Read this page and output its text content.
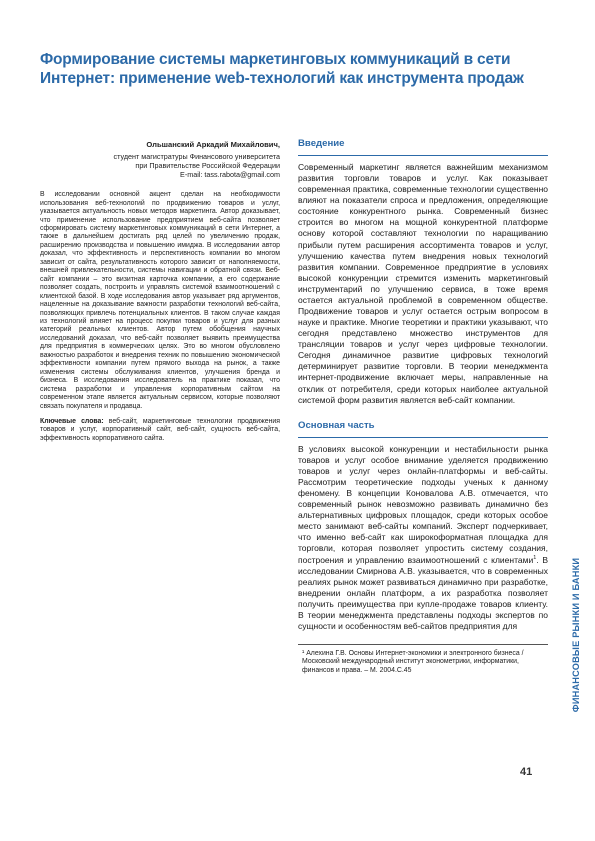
Формирование системы маркетинговых коммуникаций в сети Интернет: применение web-технологий как инструмента продаж
Ольшанский Аркадий Михайлович,
студент магистратуры Финансового университета
при Правительстве Российской Федерации
E-mail: tass.rabota@gmail.com

В исследовании основной акцент сделан на необходимости использования веб-технологий по продвижению товаров и услуг, указывается актуальность новых методов маркетинга. Автор доказывает, что применение использование предприятием веб-сайта позволяет сформировать систему маркетинговых коммуникаций в сети Интернет, а также в дальнейшем достигать ряд целей по увеличению продаж, расширению производства и повышению имиджа. В исследовании автор доказал, что эффективность и перспективность компании во многом зависит от сайта, результативность которого зависит от наполняемости, внешней привлекательности, системы навигации и обратной связи. Веб-сайт компании – это визитная карточка компании, а его содержание позволяет создать, построить и управлять системой взаимоотношений с клиентской базой. В ходе исследования автор указывает ряд аргументов, нацеленные на доказывание важности разработки технологий веб-сайта, позволяющих привлечь потенциальных клиентов. В таком случае каждая из технологий влияет на процесс покупки товаров и услуг для разных категорий реальных клиентов. Автор путем обобщения научных исследований доказал, что веб-сайт позволяет выявить преимущества для предприятия в коммерческих целях. Это во многом обусловлено важностью разработок и внедрения техник по повышению экономической эффективности компании путем прямого выхода на рынок, а также изменения системы обслуживания клиентов, улучшения бренда и бизнеса. В исследования исследователь на практике показал, что система разработки и управления корпоративным сайтом на современном этапе является актуальным сервисом, которые позволяют связать покупателя и продавца.

Ключевые слова: веб-сайт, маркетинговые технологии продвижения товаров и услуг, корпоративный сайт, веб-сайт, сущность веб-сайта, эффективность корпоративного сайта.

Введение

Современный маркетинг является важнейшим механизмом развития торговли товаров и услуг. Как показывает современная практика, современные технологии существенно влияют на показатели спроса и предложения, определяющие состояние конкурентного рынка. Современный бизнес строится во многом на мощной конкурентной платформе основу которой составляют технологии по наращиванию прибыли путем расширения ассортимента товаров и услуг, улучшению качества путем внедрения новых технологий развития компании. Современное предприятие в условиях высокой конкуренции стремится изменить маркетинговый инструментарий по улучшению сервиса, в тоже время остается актуальной проблемой в современном обществе. Продвижение товаров и услуг остается острым вопросом в науке и практике. Многие теоретики и практики указывают, что сегодня представлено множество инструментов для трансляции товаров и услуг через цифровые технологии. Сегодня динамичное развитие цифровых технологий детерминирует развитие торговли. В теории менеджмента интернет-продвижение включает меры, направленные на отклик от потребителя, среди которых наиболее актуальной системой форм развития является веб-сайт компании.

Основная часть

В условиях высокой конкуренции и нестабильности рынка товаров и услуг особое внимание уделяется продвижению товаров и услуг через онлайн-платформы и веб-сайты. Рассмотрим теоретические подходы ученых к данному феномену. В концепции Коновалова А.В. отмечается, что современный рынок невозможно развивать динамично без альтернативных цифровых площадок, среди которых особое место занимают веб-сайты компаний. Эксперт подчеркивает, что именно веб-сайт как широкоформатная площадка для торговли, которая позволяет упростить систему создания, построения и управлению взаимоотношений с клиентами$^1$. В исследовании Смирнова А.В. указывается, что в современных реалиях рынок может развиваться динамично при разработке, внедрении онлайн платформ, а их разработка позволяет получить преимущества при купле-продаже товаров клиенту. В теории менеджмента представлены подходы экспертов по сущности и особенностям веб-сайтов предприятия для

¹ Алехина Г.В. Основы Интернет-экономики и электронного бизнеса / Московский международный институт эконометрики, информатики, финансов и права. – М. 2004.С.45	ФИНАНСОВЫЕ РЫНКИ И БАНКИ
41
